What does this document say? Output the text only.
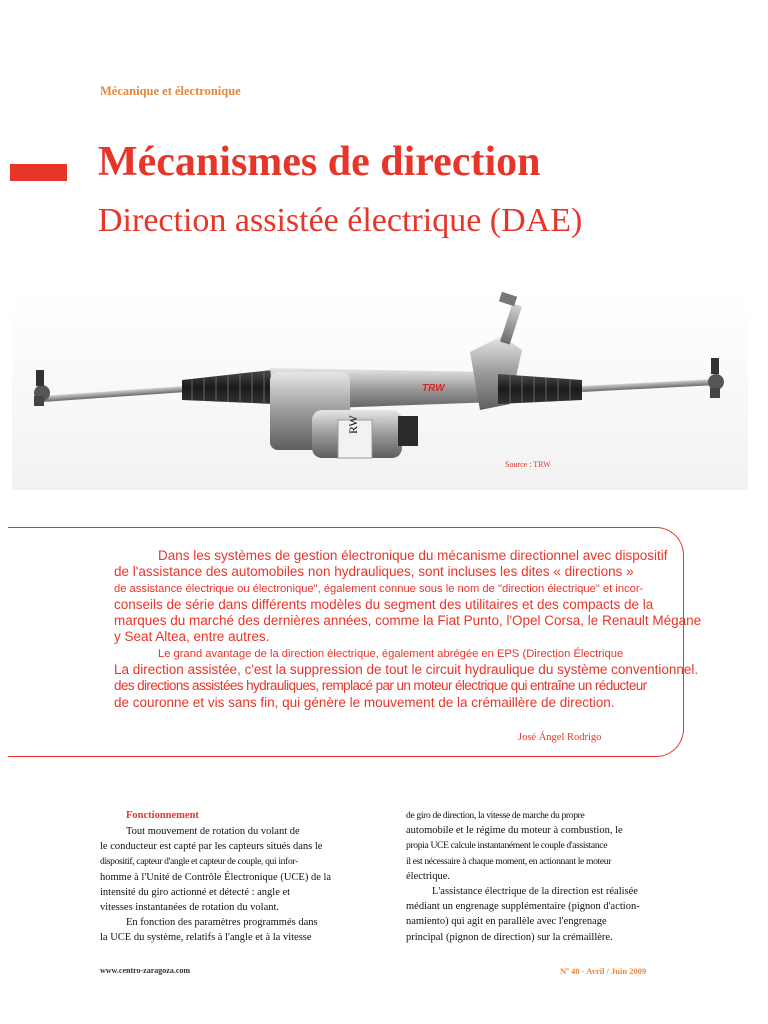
Mécanique et électronique
Mécanismes de direction
Direction assistée électrique (DAE)
TRW
RW
Source : TRW
Dans les systèmes de gestion électronique du mécanisme directionnel avec dispositif
de l'assistance des automobiles non hydrauliques, sont incluses les dites « directions »
de assistance électrique ou électronique", également connue sous le nom de "direction électrique" et incor-
conseils de série dans différents modèles du segment des utilitaires et des compacts de la
marques du marché des dernières années, comme la Fiat Punto, l'Opel Corsa, le Renault Mégane
y Seat Altea, entre autres.
Le grand avantage de la direction électrique, également abrégée en EPS (Direction Électrique
La direction assistée, c'est la suppression de tout le circuit hydraulique du système conventionnel.
des directions assistées hydrauliques, remplacé par un moteur électrique qui entraîne un réducteur
de couronne et vis sans fin, qui génère le mouvement de la crémaillère de direction.
José Ángel Rodrigo
Fonctionnement
Tout mouvement de rotation du volant de
le conducteur est capté par les capteurs situés dans le
dispositif, capteur d'angle et capteur de couple, qui infor-
homme à l'Unité de Contrôle Électronique (UCE) de la
intensité du giro actionné et détecté : angle et
vitesses instantanées de rotation du volant.
En fonction des paramètres programmés dans
la UCE du système, relatifs à l'angle et à la vitesse
de giro de direction, la vitesse de marche du propre
automobile et le régime du moteur à combustion, le
propia UCE calcule instantanément le couple d'assistance
il est nécessaire à chaque moment, en actionnant le moteur
électrique.
L'assistance électrique de la direction est réalisée
médiant un engrenage supplémentaire (pignon d'action-
namiento) qui agit en parallèle avec l'engrenage
principal (pignon de direction) sur la crémaillère.
www.centro-zaragoza.com	Nº 40 - Avril / Juin 2009
